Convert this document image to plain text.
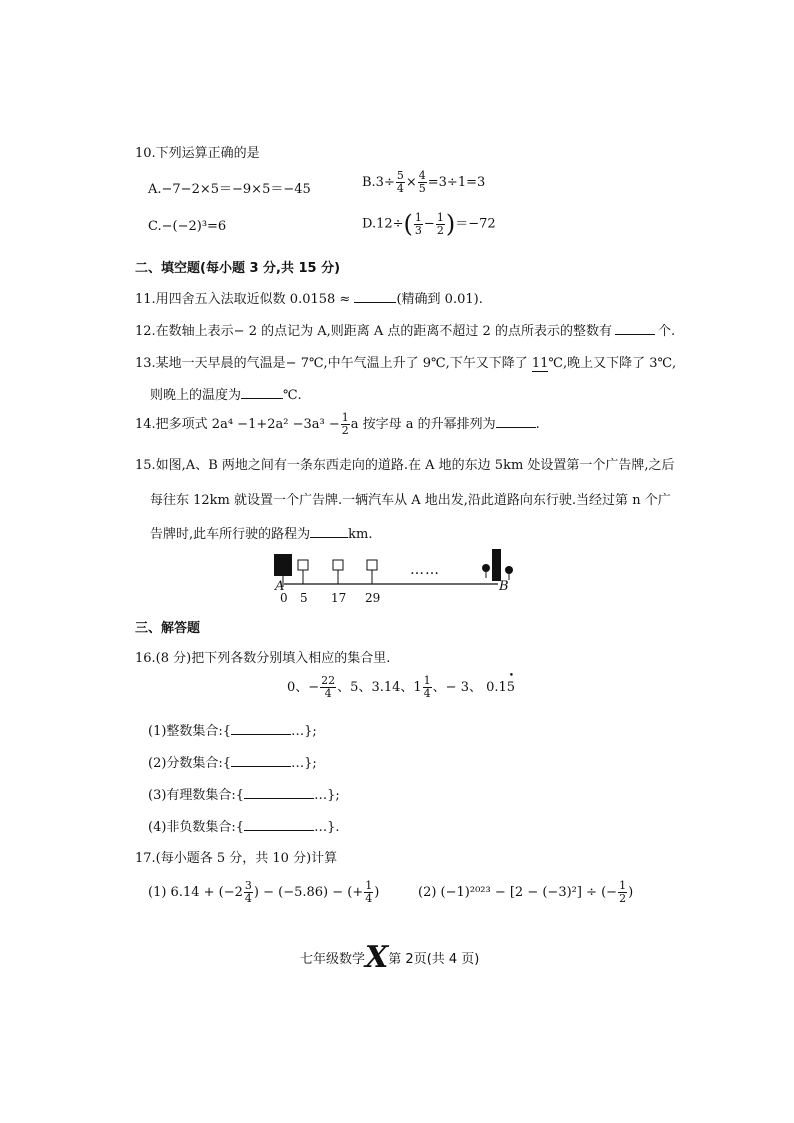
10.下列运算正确的是
A.−7−2×5＝−9×5＝−45	$B.3\div \frac{5}{4} \times \frac{4}{5} =3\div 1=3$
C.−(−2)³=6	$D.12\div( \frac{1}{3} - \frac{1}{2} )=-72$
二、填空题(每小题 3 分,共 15 分)
11.用四舍五入法取近似数 0.0158 ≈	(精确到 0.01).
12.在数轴上表示− 2 的点记为 A,则距离 A 点的距离不超过 2 的点所表示的整数有	个.
13.某地一天早晨的气温是− 7℃,中午气温上升了 9℃,下午又下降了 11℃,晚上又下降了 3℃,
则晚上的温度为	℃.
14.把多项式 $2a^4 -1+2a^2 -3a^3 - \frac{1}{2}$ a 按字母 a 的升幂排列为	.
15.如图,A、B 两地之间有一条东西走向的道路.在 A 地的东边 5km 处设置第一个广告牌,之后
每往东 12km 就设置一个广告牌.一辆汽车从 A 地出发,沿此道路向东行驶.当经过第 n 个广
告牌时,此车所行驶的路程为	km.
A
0 5 17 29
……
B
三、解答题
16.(8 分)把下列各数分别填入相应的集合里.
0、− $\frac{22}{4}$ 、5、3.14、$1 \frac{1}{4}$ 、− 3、 0.15 •
(1)整数集合:{	…};
(2)分数集合:{	…};
(3)有理数集合:{	…};
(4)非负数集合:{	…}.
17.(每小题各 5 分，共 10 分)计算
(1) $6.14 + (-2 \frac{3}{4}$ ) − (−5.86) − (+ $\frac{1}{4}$ )	(2) (−1)²⁰²³ − [2 − (−3)²] ÷ (− $\frac{1}{2}$ )
七年级数学X第 2页(共 4 页)
